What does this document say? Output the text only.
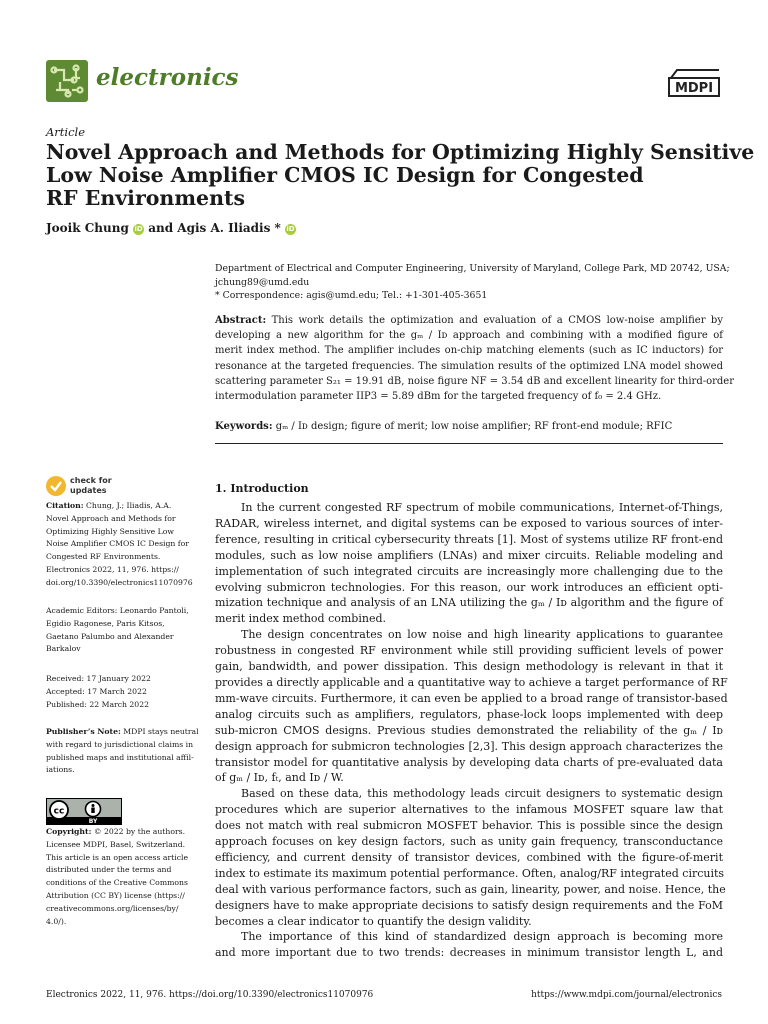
electronics	MDPI
Article
Novel Approach and Methods for Optimizing Highly Sensitive
Low Noise Amplifier CMOS IC Design for Congested
RF Environments
Jooik Chung iD and Agis A. Iliadis * iD
Department of Electrical and Computer Engineering, University of Maryland, College Park, MD 20742, USA;
jchung89@umd.edu
* Correspondence: agis@umd.edu; Tel.: +1-301-405-3651
Abstract: This work details the optimization and evaluation of a CMOS low-noise amplifier by
developing a new algorithm for the gₘ / Iᴅ approach and combining with a modified figure of
merit index method. The amplifier includes on-chip matching elements (such as IC inductors) for
resonance at the targeted frequencies. The simulation results of the optimized LNA model showed
scattering parameter S₂₁ = 19.91 dB, noise figure NF = 3.54 dB and excellent linearity for third-order
intermodulation parameter IIP3 = 5.89 dBm for the targeted frequency of f₀ = 2.4 GHz.
Keywords: gₘ / Iᴅ design; figure of merit; low noise amplifier; RF front-end module; RFIC
check for
updates
Citation: Chung, J.; Iliadis, A.A.
Novel Approach and Methods for
Optimizing Highly Sensitive Low
Noise Amplifier CMOS IC Design for
Congested RF Environments.
Electronics 2022, 11, 976. https://
doi.org/10.3390/electronics11070976
Academic Editors: Leonardo Pantoli,
Egidio Ragonese, Paris Kitsos,
Gaetano Palumbo and Alexander
Barkalov
Received: 17 January 2022
Accepted: 17 March 2022
Published: 22 March 2022
Publisher’s Note: MDPI stays neutral
with regard to jurisdictional claims in
published maps and institutional affil-
iations.
cc
BY
Copyright: © 2022 by the authors.
Licensee MDPI, Basel, Switzerland.
This article is an open access article
distributed under the terms and
conditions of the Creative Commons
Attribution (CC BY) license (https://
creativecommons.org/licenses/by/
4.0/).
1. Introduction
In the current congested RF spectrum of mobile communications, Internet-of-Things,
RADAR, wireless internet, and digital systems can be exposed to various sources of inter-
ference, resulting in critical cybersecurity threats [1]. Most of systems utilize RF front-end
modules, such as low noise amplifiers (LNAs) and mixer circuits. Reliable modeling and
implementation of such integrated circuits are increasingly more challenging due to the
evolving submicron technologies. For this reason, our work introduces an efficient opti-
mization technique and analysis of an LNA utilizing the gₘ / Iᴅ algorithm and the figure of
merit index method combined.
The design concentrates on low noise and high linearity applications to guarantee
robustness in congested RF environment while still providing sufficient levels of power
gain, bandwidth, and power dissipation. This design methodology is relevant in that it
provides a directly applicable and a quantitative way to achieve a target performance of RF
mm-wave circuits. Furthermore, it can even be applied to a broad range of transistor-based
analog circuits such as amplifiers, regulators, phase-lock loops implemented with deep
sub-micron CMOS designs. Previous studies demonstrated the reliability of the gₘ / Iᴅ
design approach for submicron technologies [2,3]. This design approach characterizes the
transistor model for quantitative analysis by developing data charts of pre-evaluated data
of gₘ / Iᴅ, fₜ, and Iᴅ / W.
Based on these data, this methodology leads circuit designers to systematic design
procedures which are superior alternatives to the infamous MOSFET square law that
does not match with real submicron MOSFET behavior. This is possible since the design
approach focuses on key design factors, such as unity gain frequency, transconductance
efficiency, and current density of transistor devices, combined with the figure-of-merit
index to estimate its maximum potential performance. Often, analog/RF integrated circuits
deal with various performance factors, such as gain, linearity, power, and noise. Hence, the
designers have to make appropriate decisions to satisfy design requirements and the FoM
becomes a clear indicator to quantify the design validity.
The importance of this kind of standardized design approach is becoming more
and more important due to two trends: decreases in minimum transistor length L, and
Electronics 2022, 11, 976. https://doi.org/10.3390/electronics11070976	https://www.mdpi.com/journal/electronics
